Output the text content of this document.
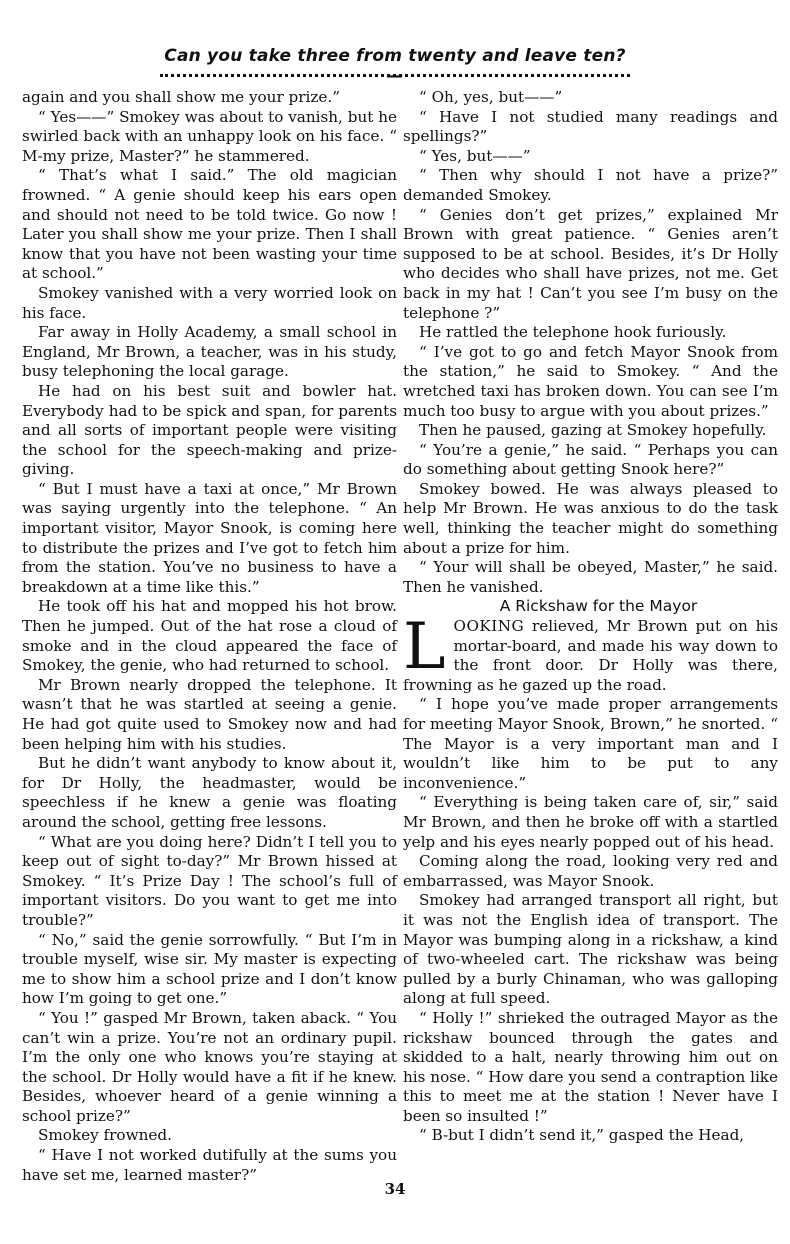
Can you take three from twenty and leave ten? —

again and you shall show me your prize.”

“ Yes——” Smokey was about to vanish, but he swirled back with an unhappy look on his face. “ M-my prize, Master?” he stammered.

“ That’s what I said.” The old magician frowned. “ A genie should keep his ears open and should not need to be told twice. Go now ! Later you shall show me your prize. Then I shall know that you have not been wasting your time at school.”

Smokey vanished with a very worried look on his face.

Far away in Holly Academy, a small school in England, Mr Brown, a teacher, was in his study, busy telephoning the local garage.

He had on his best suit and bowler hat. Everybody had to be spick and span, for parents and all sorts of important people were visiting the school for the speech-making and prize-giving.

“ But I must have a taxi at once,” Mr Brown was saying urgently into the telephone. “ An important visitor, Mayor Snook, is coming here to distribute the prizes and I’ve got to fetch him from the station. You’ve no business to have a breakdown at a time like this.”

He took off his hat and mopped his hot brow. Then he jumped. Out of the hat rose a cloud of smoke and in the cloud appeared the face of Smokey, the genie, who had returned to school.

Mr Brown nearly dropped the telephone. It wasn’t that he was startled at seeing a genie. He had got quite used to Smokey now and had been helping him with his studies.

But he didn’t want anybody to know about it, for Dr Holly, the headmaster, would be speechless if he knew a genie was floating around the school, getting free lessons.

“ What are you doing here? Didn’t I tell you to keep out of sight to-day?” Mr Brown hissed at Smokey. “ It’s Prize Day ! The school’s full of important visitors. Do you want to get me into trouble?”

“ No,” said the genie sorrowfully. “ But I’m in trouble myself, wise sir. My master is expecting me to show him a school prize and I don’t know how I’m going to get one.”

“ You !” gasped Mr Brown, taken aback. “ You can’t win a prize. You’re not an ordinary pupil. I’m the only one who knows you’re staying at the school. Dr Holly would have a fit if he knew. Besides, whoever heard of a genie winning a school prize?”

Smokey frowned.

“ Have I not worked dutifully at the sums you have set me, learned master?”

“ Oh, yes, but——”

“ Have I not studied many readings and spellings?”

“ Yes, but——”

“ Then why should I not have a prize?” demanded Smokey.

“ Genies don’t get prizes,” explained Mr Brown with great patience. “ Genies aren’t supposed to be at school. Besides, it’s Dr Holly who decides who shall have prizes, not me. Get back in my hat ! Can’t you see I’m busy on the telephone ?”

He rattled the telephone hook furiously.

“ I’ve got to go and fetch Mayor Snook from the station,” he said to Smokey. “ And the wretched taxi has broken down. You can see I’m much too busy to argue with you about prizes.”

Then he paused, gazing at Smokey hopefully.

“ You’re a genie,” he said. “ Perhaps you can do something about getting Snook here?”

Smokey bowed. He was always pleased to help Mr Brown. He was anxious to do the task well, thinking the teacher might do something about a prize for him.

“ Your will shall be obeyed, Master,” he said. Then he vanished.

A Rickshaw for the Mayor

LOOKING relieved, Mr Brown put on his mortar-board, and made his way down to the front door. Dr Holly was there, frowning as he gazed up the road.

“ I hope you’ve made proper arrangements for meeting Mayor Snook, Brown,” he snorted. “ The Mayor is a very important man and I wouldn’t like him to be put to any inconvenience.”

“ Everything is being taken care of, sir,” said Mr Brown, and then he broke off with a startled yelp and his eyes nearly popped out of his head.

Coming along the road, looking very red and embarrassed, was Mayor Snook.

Smokey had arranged transport all right, but it was not the English idea of transport. The Mayor was bumping along in a rickshaw, a kind of two-wheeled cart. The rickshaw was being pulled by a burly Chinaman, who was galloping along at full speed.

“ Holly !” shrieked the outraged Mayor as the rickshaw bounced through the gates and skidded to a halt, nearly throwing him out on his nose. “ How dare you send a contraption like this to meet me at the station ! Never have I been so insulted !”

“ B-but I didn’t send it,” gasped the Head,

34
